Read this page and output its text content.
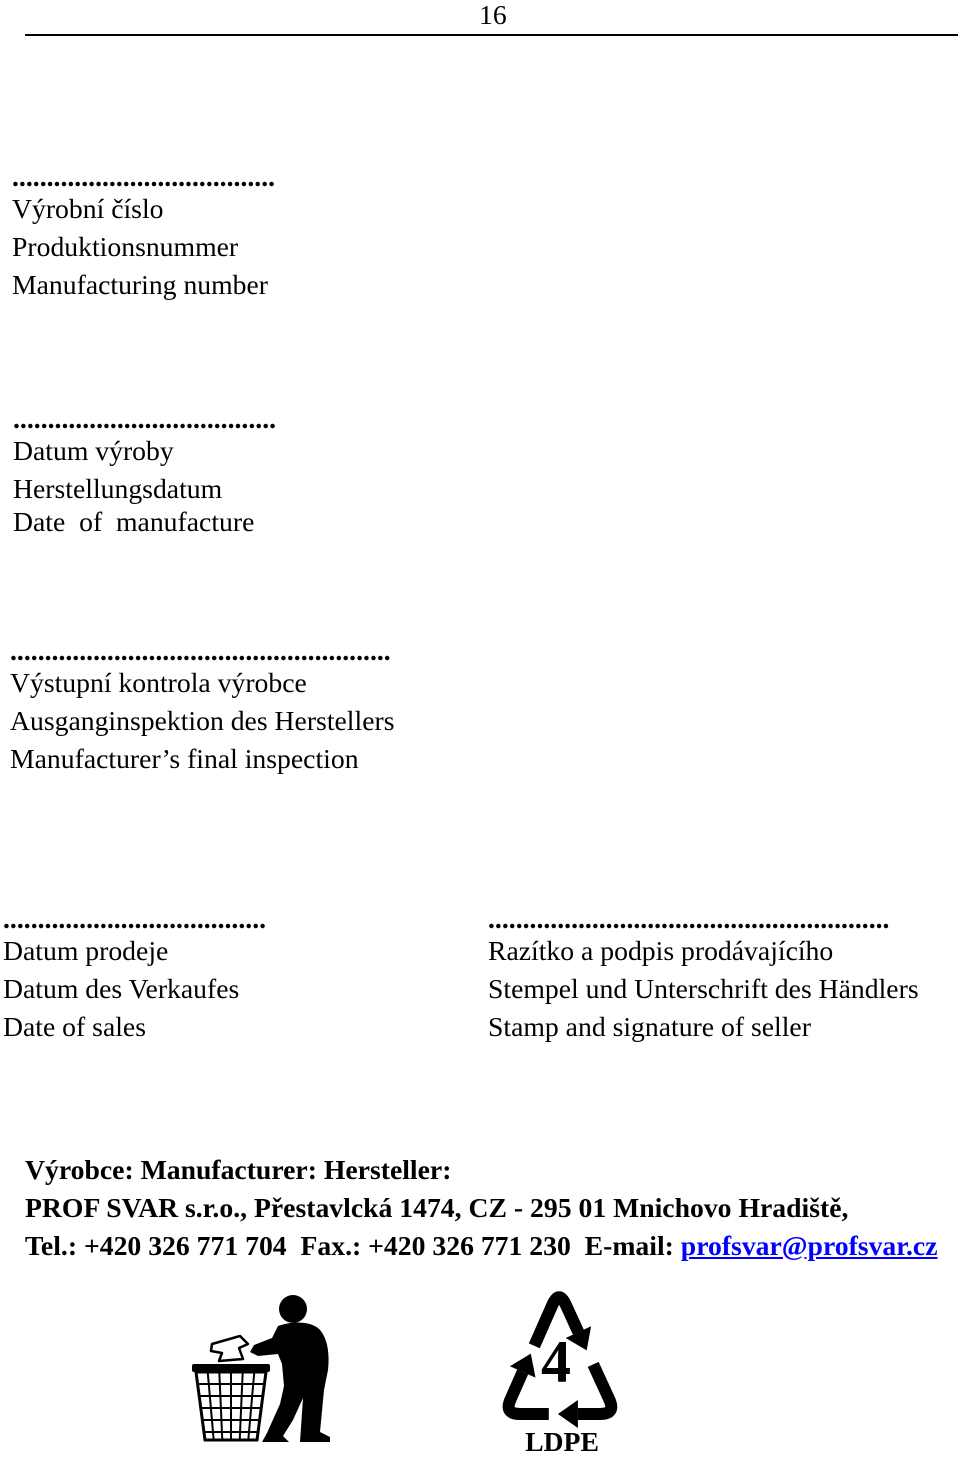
16
......................................
Výrobní číslo
Produktionsnummer
Manufacturing number
......................................
Datum výroby
Herstellungsdatum
Date  of  manufacture
.......................................................
Výstupní kontrola výrobce
Ausganginspektion des Herstellers
Manufacturer’s final inspection
......................................
Datum prodeje
Datum des Verkaufes
Date of sales
..........................................................
Razítko a podpis prodávajícího
Stempel und Unterschrift des Händlers
Stamp and signature of seller
Výrobce: Manufacturer: Hersteller:
PROF SVAR s.r.o., Přestavlcká 1474, CZ - 295 01 Mnichovo Hradiště,
Tel.: +420 326 771 704 Fax.: +420 326 771 230 E-mail: profsvar@profsvar.cz
4
LDPE
